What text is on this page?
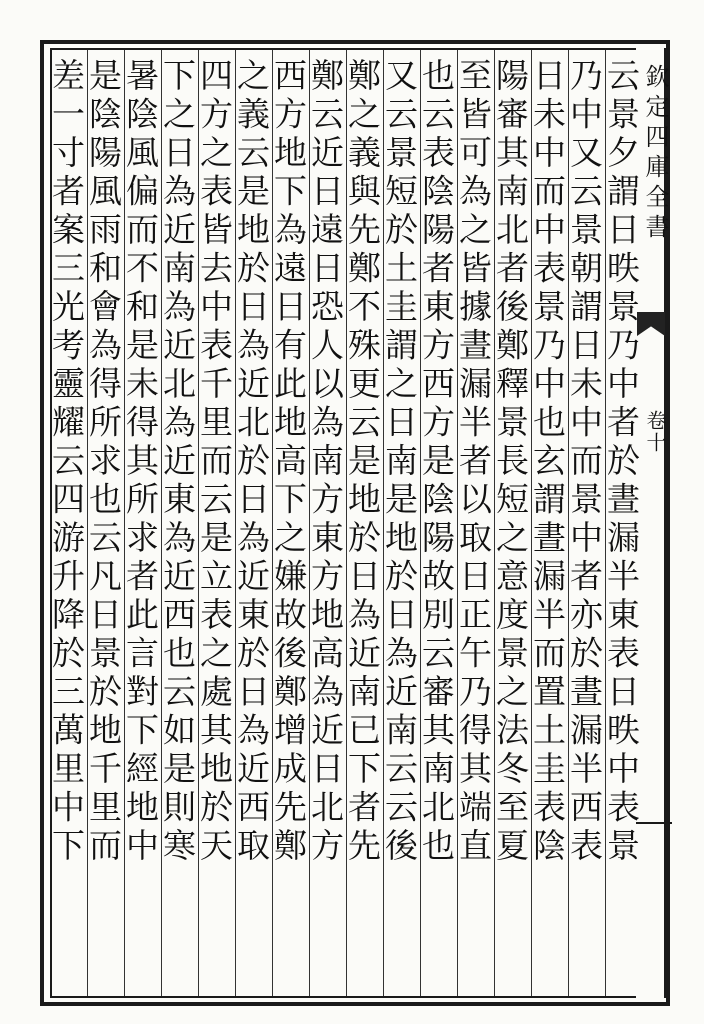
欽定四庫全書
卷十
云景夕謂日昳景乃中者於晝漏半東表日昳中表景
乃中又云景朝謂日未中而景中者亦於晝漏半西表
日未中而中表景乃中也玄謂晝漏半而置土圭表陰
陽審其南北者後鄭釋景長短之意度景之法冬至夏
至皆可為之皆據晝漏半者以取日正午乃得其端直
也云表陰陽者東方西方是陰陽故別云審其南北也
又云景短於土圭謂之日南是地於日為近南云云後
鄭之義與先鄭不殊更云是地於日為近南已下者先
鄭云近日遠日恐人以為南方東方地高為近日北方
西方地下為遠日有此地高下之嫌故後鄭增成先鄭
之義云是地於日為近北於日為近東於日為近西取
四方之表皆去中表千里而云是立表之處其地於天
下之日為近南為近北為近東為近西也云如是則寒
暑陰風偏而不和是未得其所求者此言對下經地中
是陰陽風雨和會為得所求也云凡日景於地千里而
差一寸者案三光考靈耀云四游升降於三萬里中下
